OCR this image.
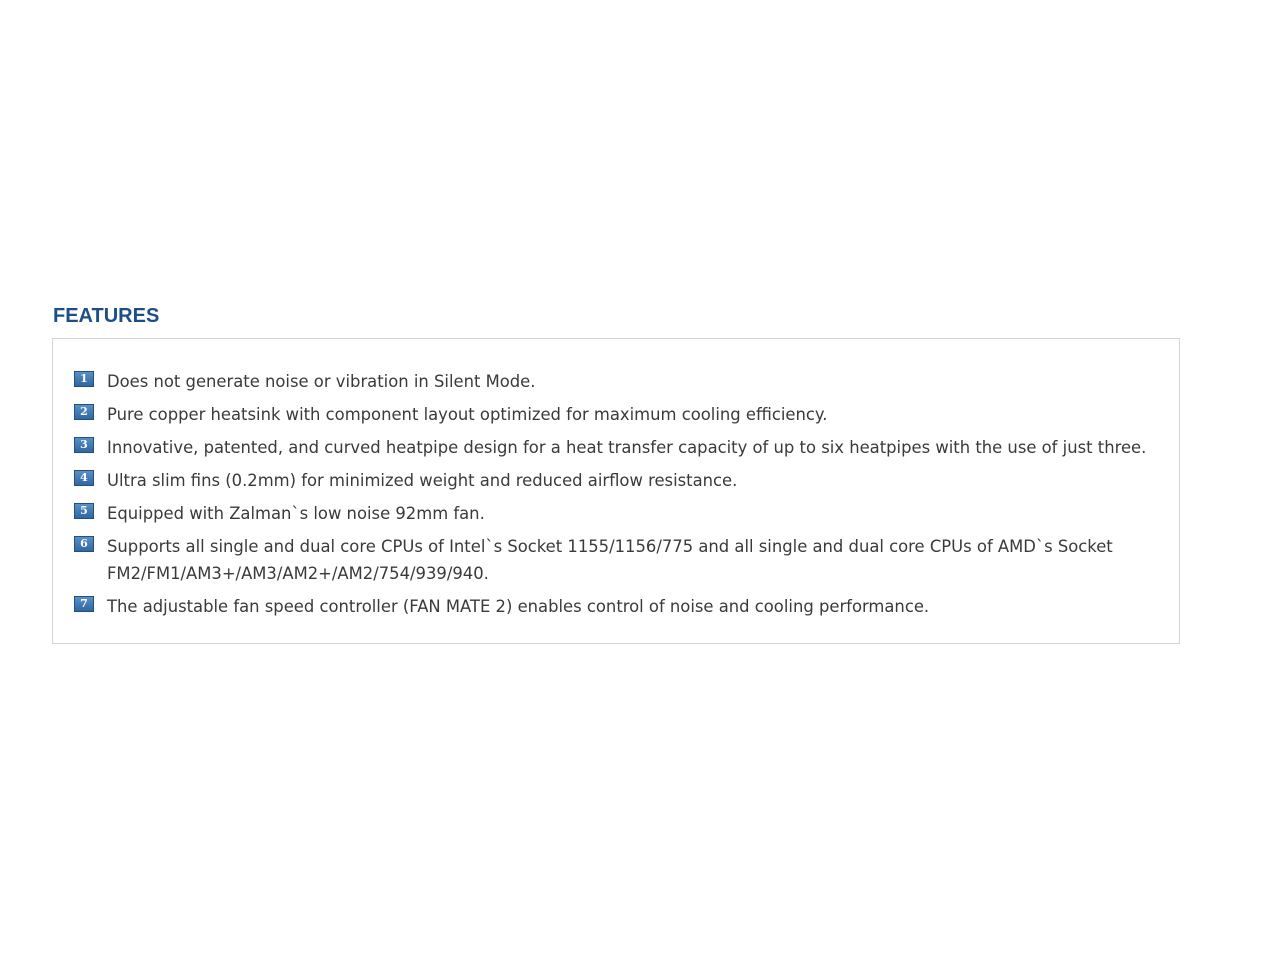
FEATURES
1	Does not generate noise or vibration in Silent Mode.
2	Pure copper heatsink with component layout optimized for maximum cooling efficiency.
3	Innovative, patented, and curved heatpipe design for a heat transfer capacity of up to six heatpipes with the use of just three.
4	Ultra slim fins (0.2mm) for minimized weight and reduced airflow resistance.
5	Equipped with Zalman`s low noise 92mm fan.
6	Supports all single and dual core CPUs of Intel`s Socket 1155/1156/775 and all single and dual core CPUs of AMD`s Socket FM2/FM1/AM3+/AM3/AM2+/AM2/754/939/940.
7	The adjustable fan speed controller (FAN MATE 2) enables control of noise and cooling performance.
